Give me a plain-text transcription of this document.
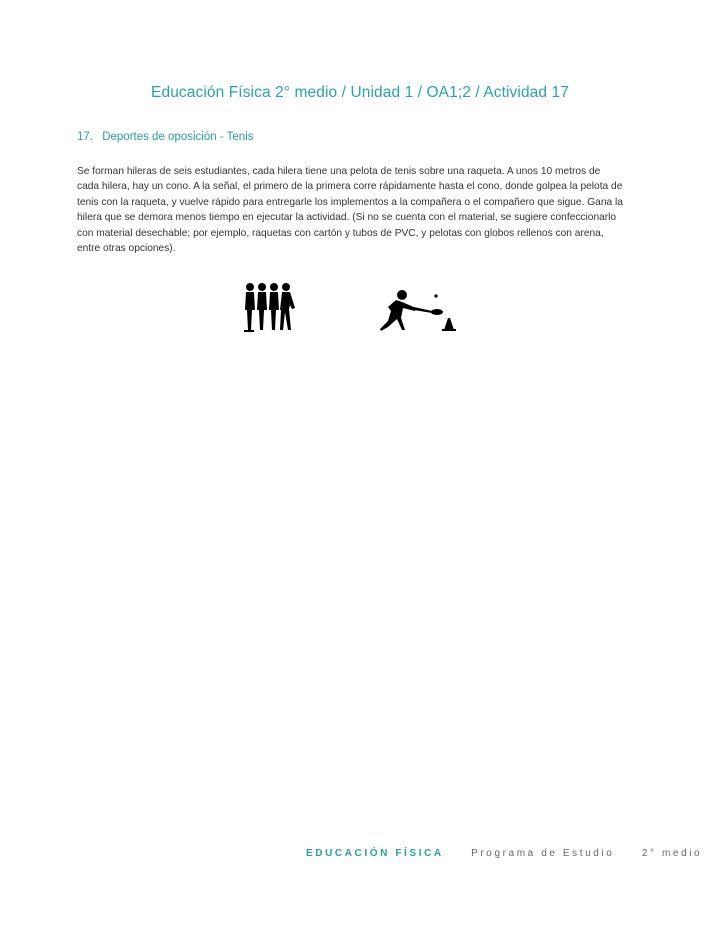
Educación Física 2° medio / Unidad 1 / OA1;2 / Actividad 17
17. Deportes de oposición - Tenis
Se forman hileras de seis estudiantes, cada hilera tiene una pelota de tenis sobre una raqueta. A unos 10 metros de cada hilera, hay un cono. A la señal, el primero de la primera corre rápidamente hasta el cono, donde golpea la pelota de tenis con la raqueta, y vuelve rápido para entregarle los implementos a la compañera o el compañero que sigue. Gana la hilera que se demora menos tiempo en ejecutar la actividad. (Si no se cuenta con el material, se sugiere confeccionarlo con material desechable; por ejemplo, raquetas con cartón y tubos de PVC, y pelotas con globos rellenos con arena, entre otras opciones).
EDUCACIÓN FÍSICA	Programa de Estudio	2° medio
